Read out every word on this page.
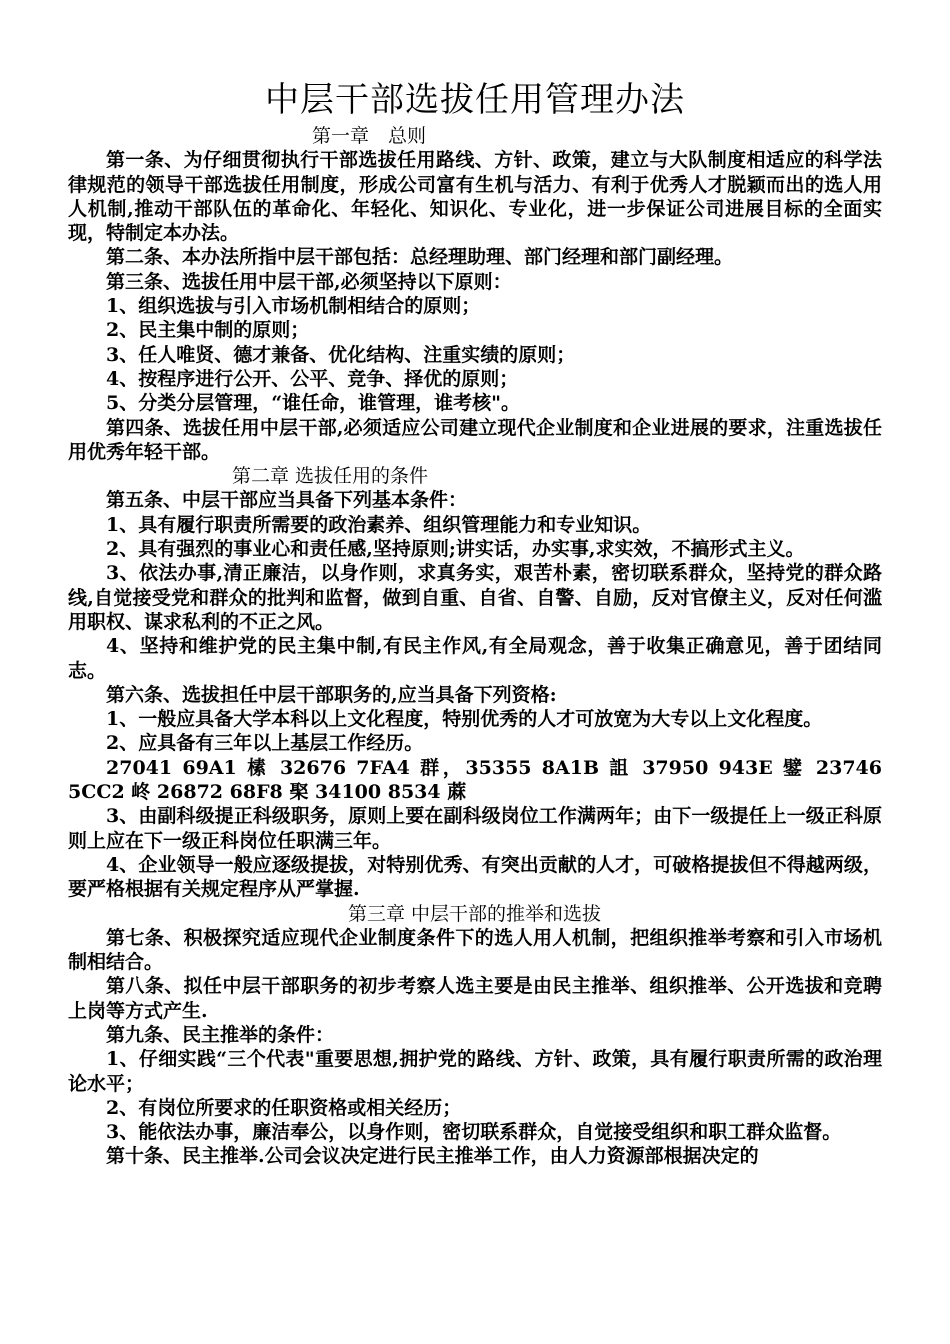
中层干部选拔任用管理办法
第一章　总则

第一条、为仔细贯彻执行干部选拔任用路线、方针、政策，建立与大队制度相适应的科学法律规范的领导干部选拔任用制度，形成公司富有生机与活力、有利于优秀人才脱颖而出的选人用人机制,推动干部队伍的革命化、年轻化、知识化、专业化，进一步保证公司进展目标的全面实现，特制定本办法。

第二条、本办法所指中层干部包括：总经理助理、部门经理和部门副经理。

第三条、选拔任用中层干部,必须坚持以下原则：

1、组织选拔与引入市场机制相结合的原则；

2、民主集中制的原则；

3、任人唯贤、德才兼备、优化结构、注重实绩的原则；

4、按程序进行公开、公平、竞争、择优的原则；

5、分类分层管理，“谁任命，谁管理，谁考核"。

第四条、选拔任用中层干部,必须适应公司建立现代企业制度和企业进展的要求，注重选拔任用优秀年轻干部。

第二章 选拔任用的条件

第五条、中层干部应当具备下列基本条件：

1、具有履行职责所需要的政治素养、组织管理能力和专业知识。

2、具有强烈的事业心和责任感,坚持原则;讲实话，办实事,求实效，不搞形式主义。

3、依法办事,清正廉洁，以身作则，求真务实，艰苦朴素，密切联系群众，坚持党的群众路线,自觉接受党和群众的批判和监督，做到自重、自省、自警、自励，反对官僚主义，反对任何滥用职权、谋求私利的不正之风。

4、坚持和维护党的民主集中制,有民主作风,有全局观念，善于收集正确意见，善于团结同志。

第六条、选拔担任中层干部职务的,应当具备下列资格:

1、一般应具备大学本科以上文化程度，特别优秀的人才可放宽为大专以上文化程度。

2、应具备有三年以上基层工作经历。

27041 69A1 榡 32676 7FA4 群，35355 8A1B 詛 37950 943E 鐾 23746 5CC2 峂 26872 68F8 棸 34100 8534 蔴

3、由副科级提正科级职务，原则上要在副科级岗位工作满两年；由下一级提任上一级正科原则上应在下一级正科岗位任职满三年。

4、企业领导一般应逐级提拔，对特别优秀、有突出贡献的人才，可破格提拔但不得越两级，要严格根据有关规定程序从严掌握.

第三章 中层干部的推举和选拔

第七条、积极探究适应现代企业制度条件下的选人用人机制，把组织推举考察和引入市场机制相结合。

第八条、拟任中层干部职务的初步考察人选主要是由民主推举、组织推举、公开选拔和竞聘上岗等方式产生.

第九条、民主推举的条件：

1、仔细实践“三个代表"重要思想,拥护党的路线、方针、政策，具有履行职责所需的政治理论水平；

2、有岗位所要求的任职资格或相关经历；

3、能依法办事，廉洁奉公，以身作则，密切联系群众，自觉接受组织和职工群众监督。

第十条、民主推举.公司会议决定进行民主推举工作，由人力资源部根据决定的
